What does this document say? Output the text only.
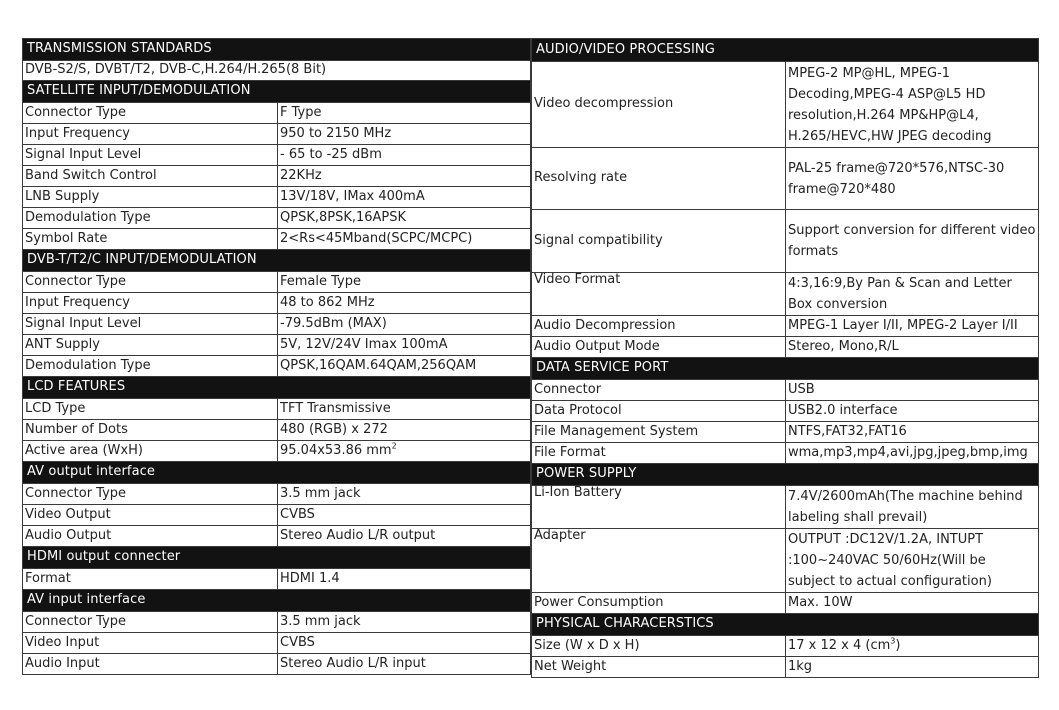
TRANSMISSION STANDARDS	
DVB-S2/S, DVBT/T2, DVB-C,H.264/H.265(8 Bit)	
SATELLITE INPUT/DEMODULATION	
Connector Type	F Type
Input Frequency	950 to 2150 MHz
Signal Input Level	- 65 to -25 dBm
Band Switch Control	22KHz
LNB Supply	13V/18V, IMax 400mA
Demodulation Type	QPSK,8PSK,16APSK
Symbol Rate	2<Rs<45Mband(SCPC/MCPC)
DVB-T/T2/C INPUT/DEMODULATION	
Connector Type	Female Type
Input Frequency	48 to 862 MHz
Signal Input Level	-79.5dBm (MAX)
ANT Supply	5V, 12V/24V Imax 100mA
Demodulation Type	QPSK,16QAM.64QAM,256QAM
LCD FEATURES	
LCD Type	TFT Transmissive
Number of Dots	480 (RGB) x 272
Active area (WxH)	95.04x53.86 $mm^2$
AV output interface	
Connector Type	3.5 mm jack
Video Output	CVBS
Audio Output	Stereo Audio L/R output
HDMI output connecter	
Format	HDMI 1.4
AV input interface	
Connector Type	3.5 mm jack
Video Input	CVBS
Audio Input	Stereo Audio L/R input
AUDIO/VIDEO PROCESSING	
Video decompression	MPEG-2 MP@HL, MPEG-1 Decoding,MPEG-4 ASP@L5 HD resolution,H.264 MP&HP@L4, H.265/HEVC,HW JPEG decoding
Resolving rate	PAL-25 frame@720*576,NTSC-30 frame@720*480
Signal compatibility	Support conversion for different video formats
Video Format	4:3,16:9,By Pan & Scan and Letter Box conversion
Audio Decompression	MPEG-1 Layer I/II, MPEG-2 Layer I/II
Audio Output Mode	Stereo, Mono,R/L
DATA SERVICE PORT	
Connector	USB
Data Protocol	USB2.0 interface
File Management System	NTFS,FAT32,FAT16
File Format	wma,mp3,mp4,avi,jpg,jpeg,bmp,img
POWER SUPPLY	
Li-Ion Battery	7.4V/2600mAh(The machine behind labeling shall prevail)
Adapter	OUTPUT :DC12V/1.2A, INTUPT :100~240VAC 50/60Hz(Will be subject to actual configuration)
Power Consumption	Max. 10W
PHYSICAL CHARACERSTICS	
Size (W x D x H)	17 x 12 x 4 $(cm^3)$
Net Weight	1kg
